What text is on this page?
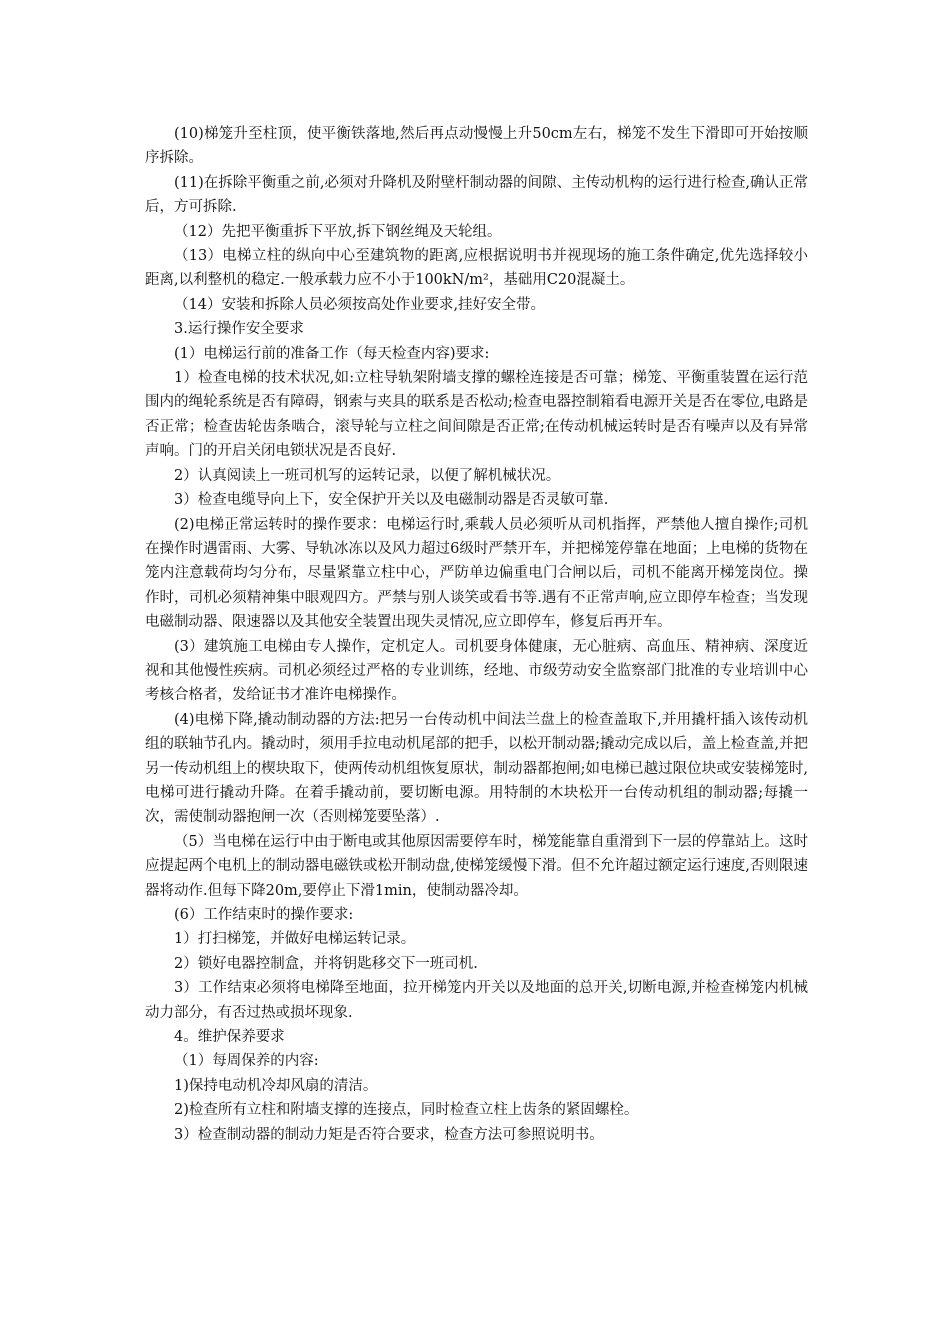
(10)梯笼升至柱顶，使平衡铁落地,然后再点动慢慢上升50cm左右，梯笼不发生下滑即可开始按顺序拆除。

(11)在拆除平衡重之前,必须对升降机及附壁杆制动器的间隙、主传动机构的运行进行检查,确认正常后，方可拆除.

（12）先把平衡重拆下平放,拆下钢丝绳及天轮组。

（13）电梯立柱的纵向中心至建筑物的距离,应根据说明书并视现场的施工条件确定,优先选择较小距离,以利整机的稳定.一般承载力应不小于100kN/m²，基础用C20混凝土。

（14）安装和拆除人员必须按高处作业要求,挂好安全带。

3.运行操作安全要求

(1）电梯运行前的准备工作（每天检查内容)要求:

1）检查电梯的技术状况,如:立柱导轨架附墙支撑的螺栓连接是否可靠；梯笼、平衡重装置在运行范围内的绳轮系统是否有障碍，钢索与夹具的联系是否松动;检查电器控制箱看电源开关是否在零位,电路是否正常；检查齿轮齿条啮合，滚导轮与立柱之间间隙是否正常;在传动机械运转时是否有噪声以及有异常声响。门的开启关闭电锁状况是否良好.

2）认真阅读上一班司机写的运转记录，以便了解机械状况。

3）检查电缆导向上下，安全保护开关以及电磁制动器是否灵敏可靠.

(2)电梯正常运转时的操作要求：电梯运行时,乘载人员必须听从司机指挥，严禁他人擅自操作;司机在操作时遇雷雨、大雾、导轨冰冻以及风力超过6级时严禁开车，并把梯笼停靠在地面；上电梯的货物在笼内注意载荷均匀分布，尽量紧靠立柱中心，严防单边偏重电门合闸以后，司机不能离开梯笼岗位。操作时，司机必须精神集中眼观四方。严禁与别人谈笑或看书等.遇有不正常声响,应立即停车检查；当发现电磁制动器、限速器以及其他安全装置出现失灵情况,应立即停车，修复后再开车。

(3）建筑施工电梯由专人操作，定机定人。司机要身体健康，无心脏病、高血压、精神病、深度近视和其他慢性疾病。司机必须经过严格的专业训练，经地、市级劳动安全监察部门批准的专业培训中心考核合格者，发给证书才准许电梯操作。

(4)电梯下降,撬动制动器的方法:把另一台传动机中间法兰盘上的检查盖取下,并用撬杆插入该传动机组的联轴节孔内。撬动时，须用手拉电动机尾部的把手，以松开制动器;撬动完成以后，盖上检查盖,并把另一传动机组上的楔块取下，使两传动机组恢复原状，制动器都抱闸;如电梯已越过限位块或安装梯笼时,电梯可进行撬动升降。在着手撬动前，要切断电源。用特制的木块松开一台传动机组的制动器;每撬一次，需使制动器抱闸一次（否则梯笼要坠落）.

（5）当电梯在运行中由于断电或其他原因需要停车时，梯笼能靠自重滑到下一层的停靠站上。这时应提起两个电机上的制动器电磁铁或松开制动盘,使梯笼缓慢下滑。但不允许超过额定运行速度,否则限速器将动作.但每下降20m,要停止下滑1min，使制动器冷却。

(6）工作结束时的操作要求:

1）打扫梯笼，并做好电梯运转记录。

2）锁好电器控制盒，并将钥匙移交下一班司机.

3）工作结束必须将电梯降至地面，拉开梯笼内开关以及地面的总开关,切断电源,并检查梯笼内机械动力部分，有否过热或损坏现象.

4。维护保养要求

（1）每周保养的内容:

1)保持电动机冷却风扇的清洁。

2)检查所有立柱和附墙支撑的连接点，同时检查立柱上齿条的紧固螺栓。

3）检查制动器的制动力矩是否符合要求，检查方法可参照说明书。
